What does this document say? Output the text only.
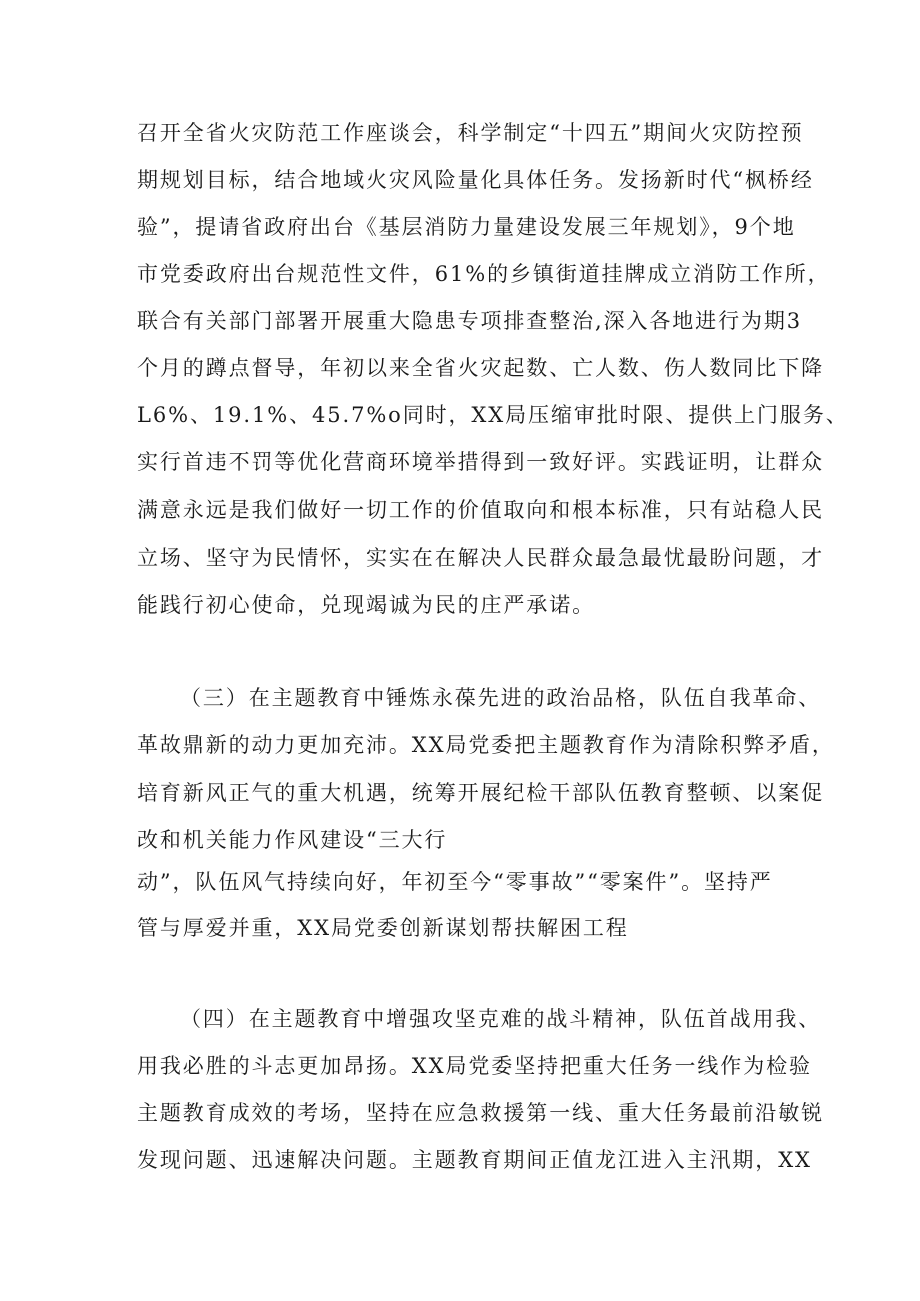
召开全省火灾防范工作座谈会，科学制定“十四五”期间火灾防控预
期规划目标，结合地域火灾风险量化具体任务。发扬新时代“枫桥经
验”，提请省政府出台《基层消防力量建设发展三年规划》，9个地
市党委政府出台规范性文件，61%的乡镇街道挂牌成立消防工作所，
联合有关部门部署开展重大隐患专项排查整治,深入各地进行为期3
个月的蹲点督导，年初以来全省火灾起数、亡人数、伤人数同比下降
L6%、19.1%、45.7%o同时，XX局压缩审批时限、提供上门服务、
实行首违不罚等优化营商环境举措得到一致好评。实践证明，让群众
满意永远是我们做好一切工作的价值取向和根本标准，只有站稳人民
立场、坚守为民情怀，实实在在解决人民群众最急最忧最盼问题，才
能践行初心使命，兑现竭诚为民的庄严承诺。
（三）在主题教育中锤炼永葆先进的政治品格，队伍自我革命、
革故鼎新的动力更加充沛。XX局党委把主题教育作为清除积弊矛盾，
培育新风正气的重大机遇，统筹开展纪检干部队伍教育整顿、以案促
改和机关能力作风建设“三大行
动”，队伍风气持续向好，年初至今“零事故”“零案件”。坚持严
管与厚爱并重，XX局党委创新谋划帮扶解困工程
（四）在主题教育中增强攻坚克难的战斗精神，队伍首战用我、
用我必胜的斗志更加昂扬。XX局党委坚持把重大任务一线作为检验
主题教育成效的考场，坚持在应急救援第一线、重大任务最前沿敏锐
发现问题、迅速解决问题。主题教育期间正值龙江进入主汛期，XX
